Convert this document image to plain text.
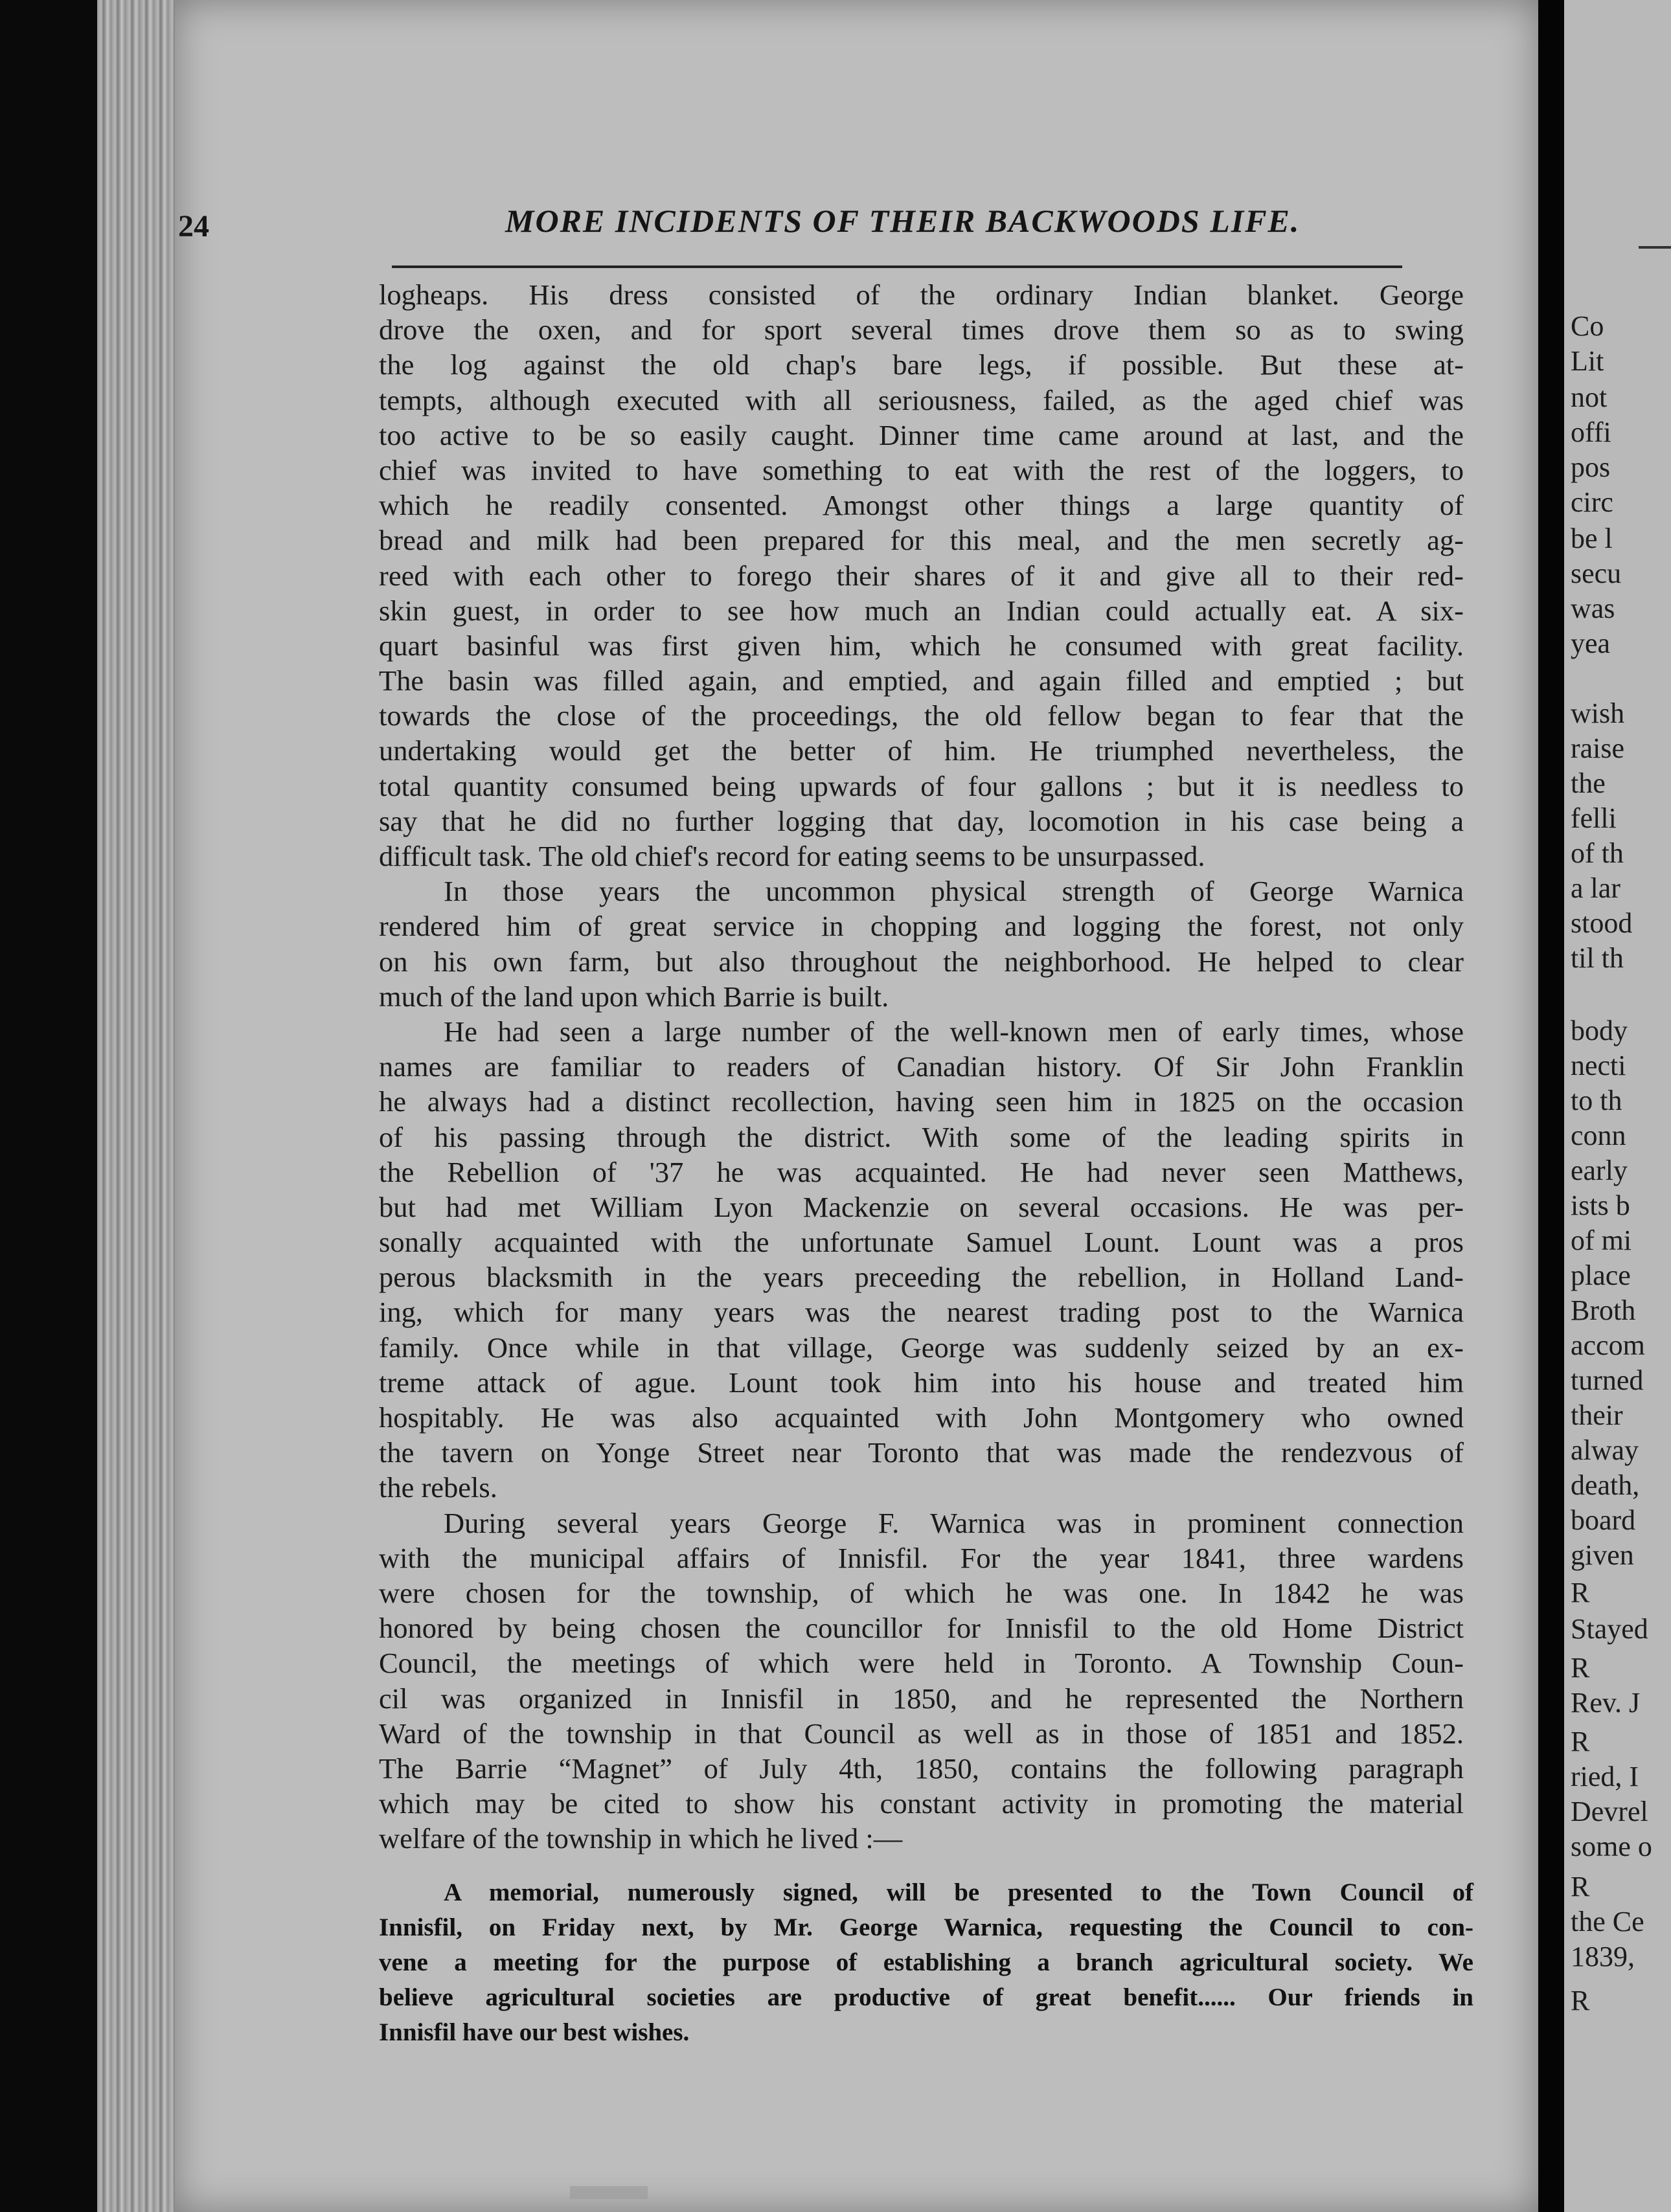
24	MORE INCIDENTS OF THEIR BACKWOODS LIFE.
logheaps. His dress consisted of the ordinary Indian blanket. George
drove the oxen, and for sport several times drove them so as to swing
the log against the old chap's bare legs, if possible. But these at-
tempts, although executed with all seriousness, failed, as the aged chief was
too active to be so easily caught. Dinner time came around at last, and the
chief was invited to have something to eat with the rest of the loggers, to
which he readily consented. Amongst other things a large quantity of
bread and milk had been prepared for this meal, and the men secretly ag-
reed with each other to forego their shares of it and give all to their red-
skin guest, in order to see how much an Indian could actually eat. A six-
quart basinful was first given him, which he consumed with great facility.
The basin was filled again, and emptied, and again filled and emptied ; but
towards the close of the proceedings, the old fellow began to fear that the
undertaking would get the better of him. He triumphed nevertheless, the
total quantity consumed being upwards of four gallons ; but it is needless to
say that he did no further logging that day, locomotion in his case being a
difficult task. The old chief's record for eating seems to be unsurpassed.
In those years the uncommon physical strength of George Warnica
rendered him of great service in chopping and logging the forest, not only
on his own farm, but also throughout the neighborhood. He helped to clear
much of the land upon which Barrie is built.
He had seen a large number of the well-known men of early times, whose
names are familiar to readers of Canadian history. Of Sir John Franklin
he always had a distinct recollection, having seen him in 1825 on the occasion
of his passing through the district. With some of the leading spirits in
the Rebellion of '37 he was acquainted. He had never seen Matthews,
but had met William Lyon Mackenzie on several occasions. He was per-
sonally acquainted with the unfortunate Samuel Lount. Lount was a pros
perous blacksmith in the years preceeding the rebellion, in Holland Land-
ing, which for many years was the nearest trading post to the Warnica
family. Once while in that village, George was suddenly seized by an ex-
treme attack of ague. Lount took him into his house and treated him
hospitably. He was also acquainted with John Montgomery who owned
the tavern on Yonge Street near Toronto that was made the rendezvous of
the rebels.
During several years George F. Warnica was in prominent connection
with the municipal affairs of Innisfil. For the year 1841, three wardens
were chosen for the township, of which he was one. In 1842 he was
honored by being chosen the councillor for Innisfil to the old Home District
Council, the meetings of which were held in Toronto. A Township Coun-
cil was organized in Innisfil in 1850, and he represented the Northern
Ward of the township in that Council as well as in those of 1851 and 1852.
The Barrie “Magnet” of July 4th, 1850, contains the following paragraph
which may be cited to show his constant activity in promoting the material
welfare of the township in which he lived :—
A memorial, numerously signed, will be presented to the Town Council of
Innisfil, on Friday next, by Mr. George Warnica, requesting the Council to con-
vene a meeting for the purpose of establishing a branch agricultural society. We
believe agricultural societies are productive of great benefit...... Our friends in
Innisfil have our best wishes.
Co
Lit
not
offi
pos
circ
be l
secu
was
yea
wish
raise
the
felli
of th
a lar
stood
til th
body
necti
to th
conn
early
ists b
of mi
place
Broth
accom
turned
their
alway
death,
board
given
R
Stayed
R
Rev. J
R
ried, I
Devrel
some o
R
the Ce
1839,
R
